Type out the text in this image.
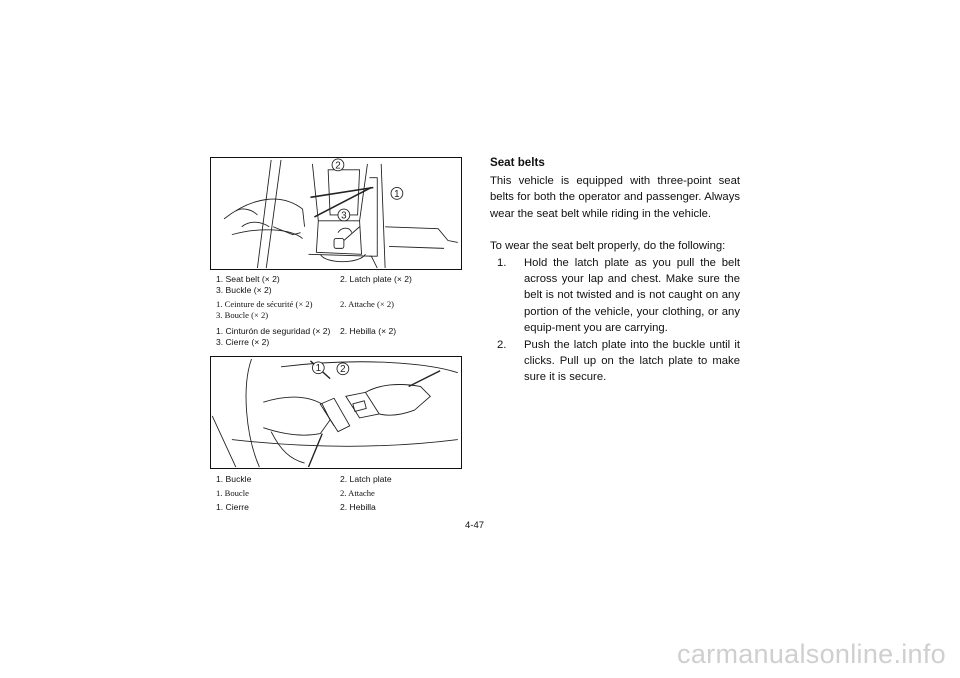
2
1
3
1. Seat belt (× 2)	2. Latch plate (× 2)
3. Buckle (× 2)
1. Ceinture de sécurité (× 2)	2. Attache (× 2)
3. Boucle (× 2)
1. Cinturón de seguridad (× 2)	2. Hebilla (× 2)
3. Cierre (× 2)
1 2
1. Buckle	2. Latch plate
1. Boucle	2. Attache
1. Cierre	2. Hebilla
Seat belts

This vehicle is equipped with three-point seat belts for both the operator and passenger. Always wear the seat belt while riding in the vehicle.

To wear the seat belt properly, do the following:

1.	Hold the latch plate as you pull the belt across your lap and chest. Make sure the belt is not twisted and is not caught on any portion of the vehicle, your clothing, or any equip-ment you are carrying.
2.	Push the latch plate into the buckle until it clicks. Pull up on the latch plate to make sure it is secure.
4-47
carmanualsonline.info
